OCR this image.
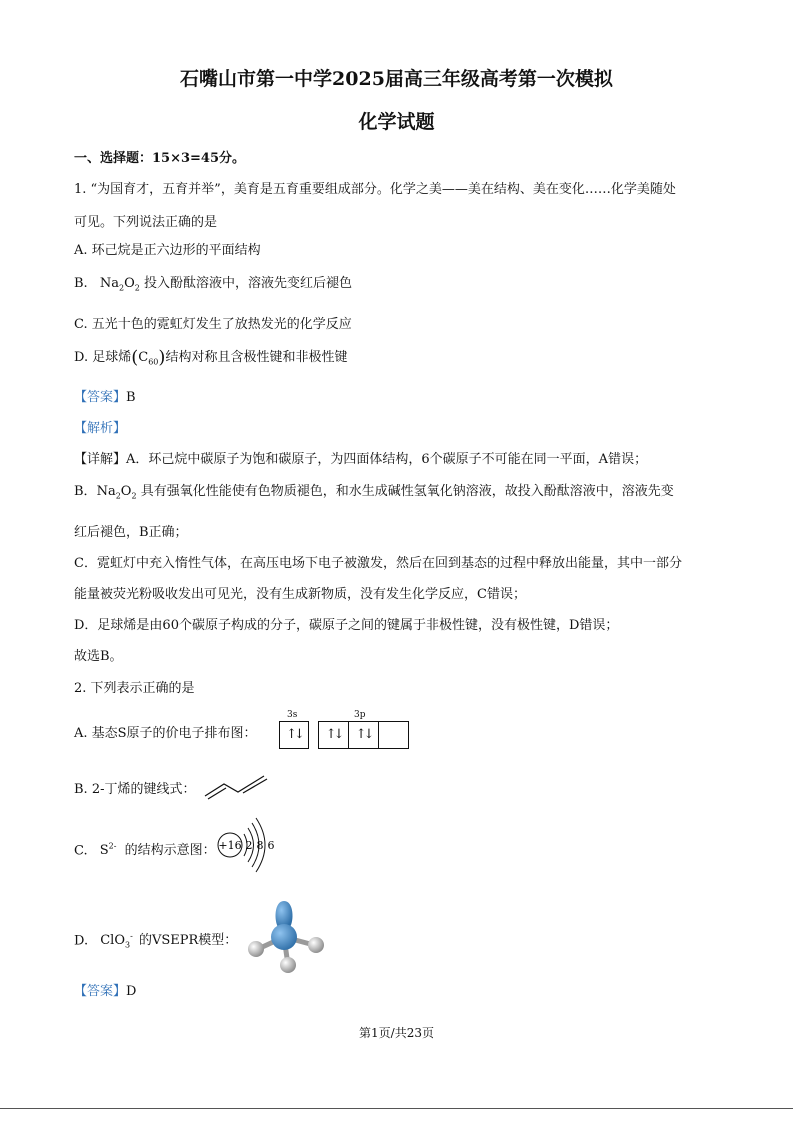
石嘴山市第一中学2025届高三年级高考第一次模拟
化学试题
一、选择题：15×3=45分。
1. “为国育才，五育并举”，美育是五育重要组成部分。化学之美——美在结构、美在变化……化学美随处
可见。下列说法正确的是
A. 环己烷是正六边形的平面结构
B. $Na_2O_2$ 投入酚酞溶液中，溶液先变红后褪色
C. 五光十色的霓虹灯发生了放热发光的化学反应
D. 足球烯$(C_{60})$结构对称且含极性键和非极性键
【答案】B
【解析】
【详解】A．环己烷中碳原子为饱和碳原子，为四面体结构，6个碳原子不可能在同一平面，A错误；
B．$Na_2O_2$ 具有强氧化性能使有色物质褪色，和水生成碱性氢氧化钠溶液，故投入酚酞溶液中，溶液先变
红后褪色，B正确；
C．霓虹灯中充入惰性气体，在高压电场下电子被激发，然后在回到基态的过程中释放出能量，其中一部分
能量被荧光粉吸收发出可见光，没有生成新物质，没有发生化学反应，C错误；
D．足球烯是由60个碳原子构成的分子，碳原子之间的键属于非极性键，没有极性键，D错误；
故选B。
2. 下列表示正确的是
A. 基态S原子的价电子排布图：
3s	3p
↑↓	↑↓	↑↓
B. 2-丁烯的键线式：
C. $S^{2-}$ 的结构示意图： +16 2 8 6
D. ClO$_3$- 的VSEPR模型：
【答案】D
第1页/共23页
